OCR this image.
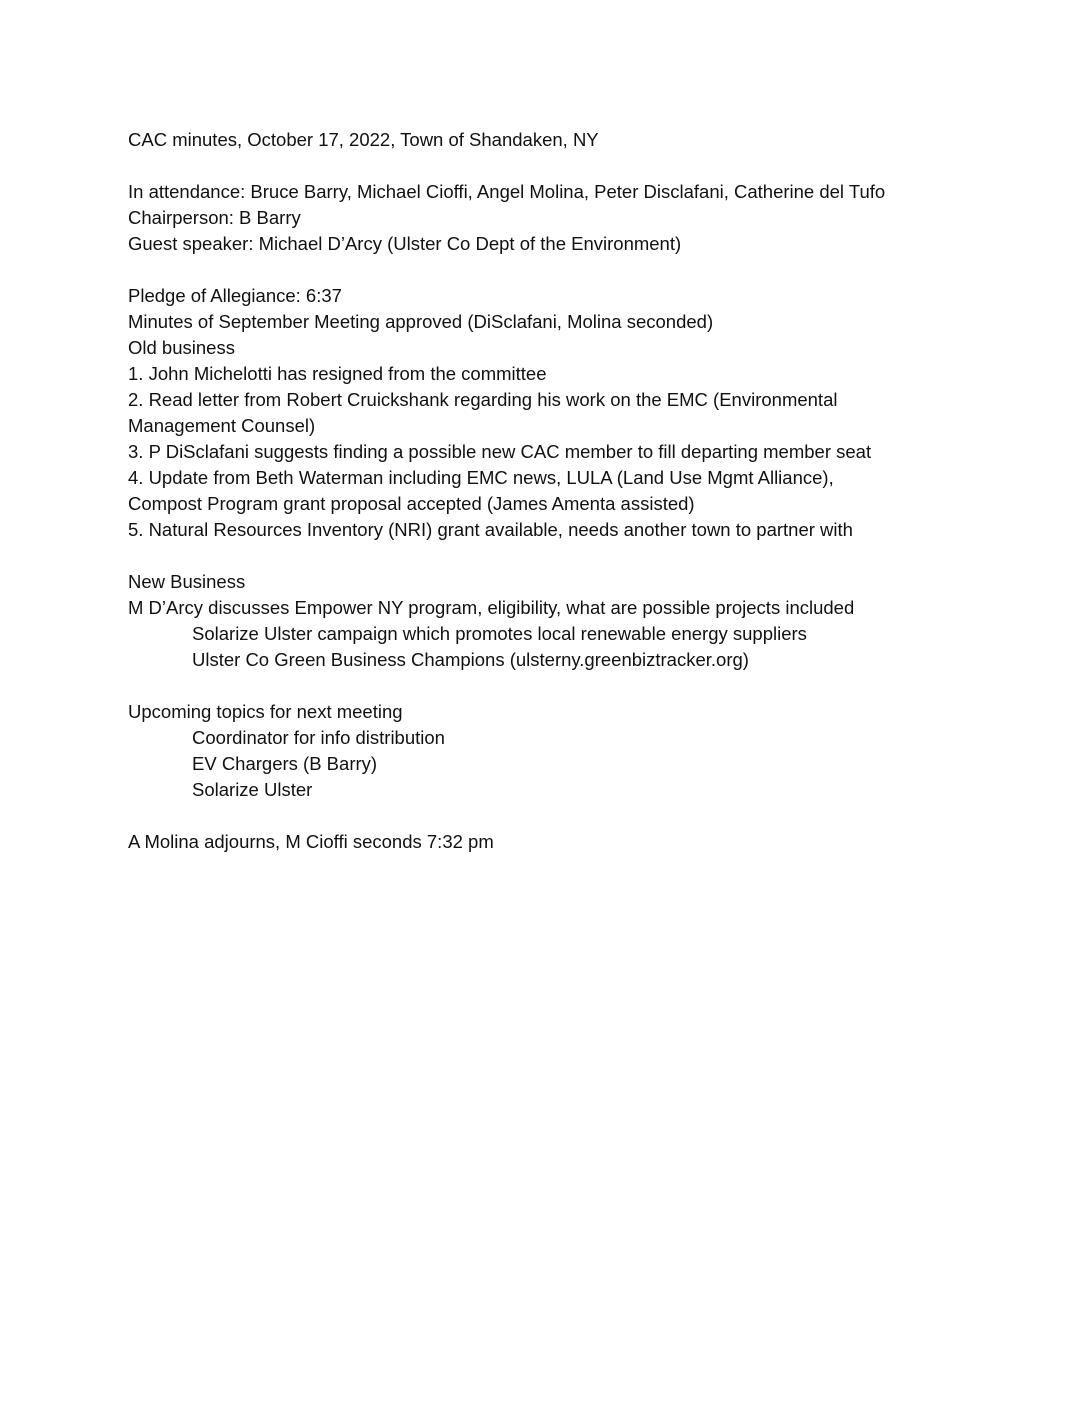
CAC minutes, October 17, 2022, Town of Shandaken, NY
In attendance: Bruce Barry, Michael Cioffi, Angel Molina, Peter Disclafani, Catherine del Tufo
Chairperson: B Barry
Guest speaker: Michael D’Arcy (Ulster Co Dept of the Environment)
Pledge of Allegiance: 6:37
Minutes of September Meeting approved (DiSclafani, Molina seconded)
Old business
1. John Michelotti has resigned from the committee
2. Read letter from Robert Cruickshank regarding his work on the EMC (Environmental
Management Counsel)
3. P DiSclafani suggests finding a possible new CAC member to fill departing member seat
4. Update from Beth Waterman including EMC news, LULA (Land Use Mgmt Alliance),
Compost Program grant proposal accepted (James Amenta assisted)
5. Natural Resources Inventory (NRI) grant available, needs another town to partner with
New Business
M D’Arcy discusses Empower NY program, eligibility, what are possible projects included
Solarize Ulster campaign which promotes local renewable energy suppliers
Ulster Co Green Business Champions (ulsterny.greenbiztracker.org)
Upcoming topics for next meeting
Coordinator for info distribution
EV Chargers (B Barry)
Solarize Ulster
A Molina adjourns, M Cioffi seconds 7:32 pm
